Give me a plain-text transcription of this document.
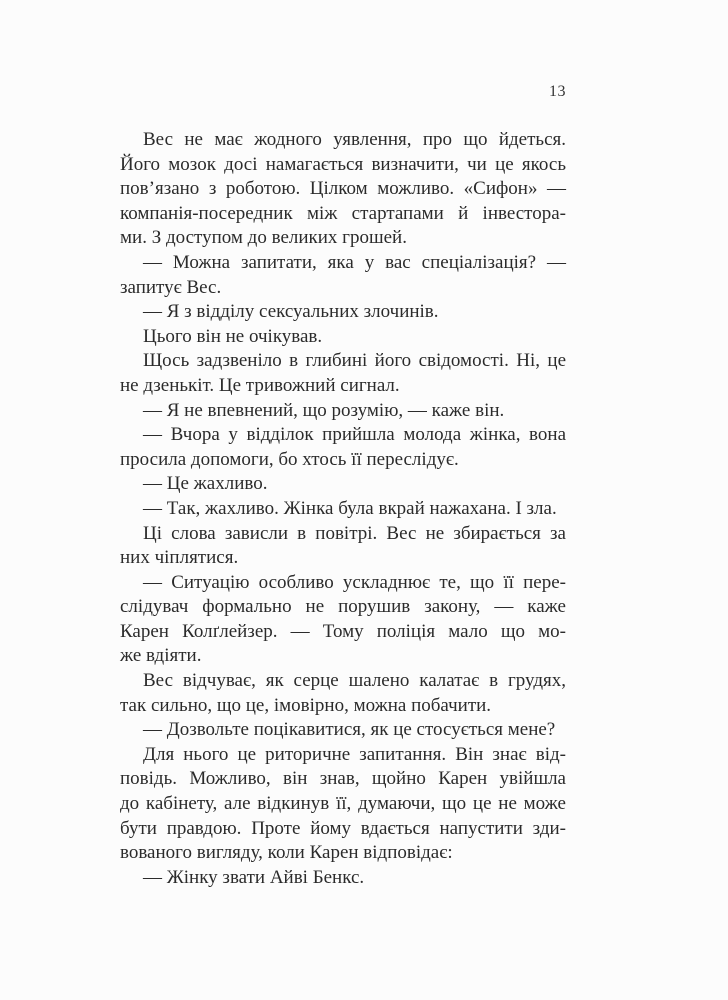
13
Вес не має жодного уявлення, про що йдеться.
Його мозок досі намагається визначити, чи це якось
пов’язано з роботою. Цілком можливо. «Сифон» —
компанія-посередник між стартапами й інвестора-
ми. З доступом до великих грошей.
— Можна запитати, яка у вас спеціалізація? —
запитує Вес.
— Я з відділу сексуальних злочинів.
Цього він не очікував.
Щось задзвеніло в глибині його свідомості. Ні, це
не дзенькіт. Це тривожний сигнал.
— Я не впевнений, що розумію, — каже він.
— Вчора у відділок прийшла молода жінка, вона
просила допомоги, бо хтось її переслідує.
— Це жахливо.
— Так, жахливо. Жінка була вкрай нажахана. І зла.
Ці слова зависли в повітрі. Вес не збирається за
них чіплятися.
— Ситуацію особливо ускладнює те, що її пере-
слідувач формально не порушив закону, — каже
Карен Колґлейзер. — Тому поліція мало що мо-
же вдіяти.
Вес відчуває, як серце шалено калатає в грудях,
так сильно, що це, імовірно, можна побачити.
— Дозвольте поцікавитися, як це стосується мене?
Для нього це риторичне запитання. Він знає від-
повідь. Можливо, він знав, щойно Карен увійшла
до кабінету, але відкинув її, думаючи, що це не може
бути правдою. Проте йому вдається напустити зди-
вованого вигляду, коли Карен відповідає:
— Жінку звати Айві Бенкс.
